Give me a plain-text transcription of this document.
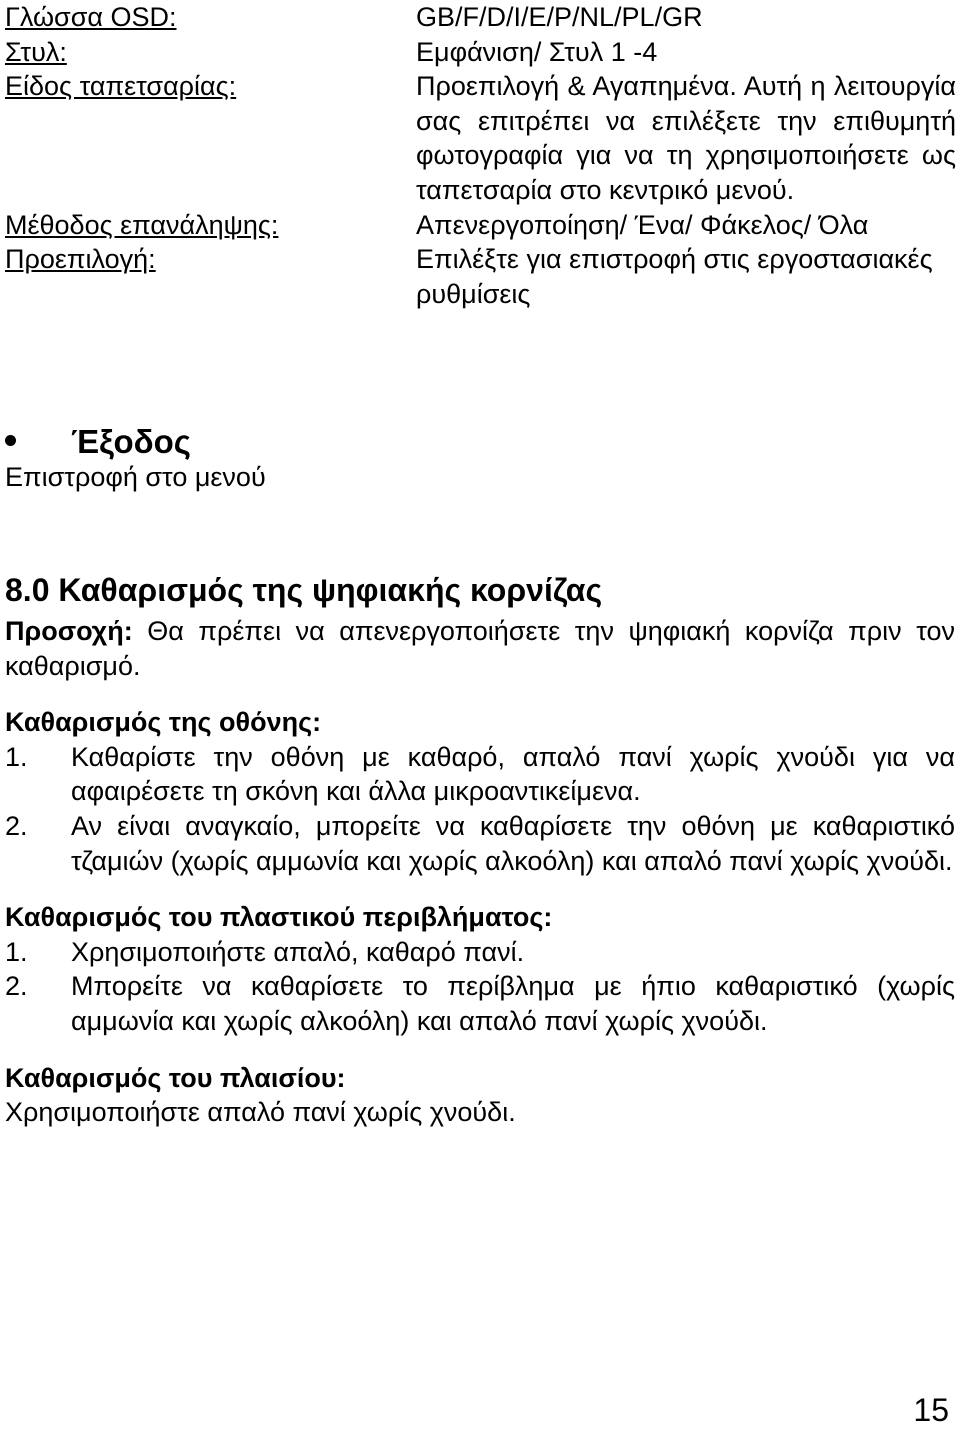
Γλώσσα OSD:	GB/F/D/I/E/P/NL/PL/GR
Στυλ:	Εμφάνιση/ Στυλ 1 -4
Είδος ταπετσαρίας:	Προεπιλογή & Αγαπημένα. Αυτή η λειτουργία σας επιτρέπει να επιλέξετε την επιθυμητή φωτογραφία για να τη χρησιμοποιήσετε ως ταπετσαρία στο κεντρικό μενού.
Μέθοδος επανάληψης:	Απενεργοποίηση/ Ένα/ Φάκελος/ Όλα
Προεπιλογή:	Επιλέξτε για επιστροφή στις εργοστασιακές ρυθμίσεις
Έξοδος
Επιστροφή στο μενού
8.0 Καθαρισμός της ψηφιακής κορνίζας
Προσοχή: Θα πρέπει να απενεργοποιήσετε την ψηφιακή κορνίζα πριν τον καθαρισμό.
Καθαρισμός της οθόνης:
1. Καθαρίστε την οθόνη με καθαρό, απαλό πανί χωρίς χνούδι για να αφαιρέσετε τη σκόνη και άλλα μικροαντικείμενα.
2. Αν είναι αναγκαίο, μπορείτε να καθαρίσετε την οθόνη με καθαριστικό τζαμιών (χωρίς αμμωνία και χωρίς αλκοόλη) και απαλό πανί χωρίς χνούδι.
Καθαρισμός του πλαστικού περιβλήματος:
1. Χρησιμοποιήστε απαλό, καθαρό πανί.
2. Μπορείτε να καθαρίσετε το περίβλημα με ήπιο καθαριστικό (χωρίς αμμωνία και χωρίς αλκοόλη) και απαλό πανί χωρίς χνούδι.
Καθαρισμός του πλαισίου:
Χρησιμοποιήστε απαλό πανί χωρίς χνούδι.
15
